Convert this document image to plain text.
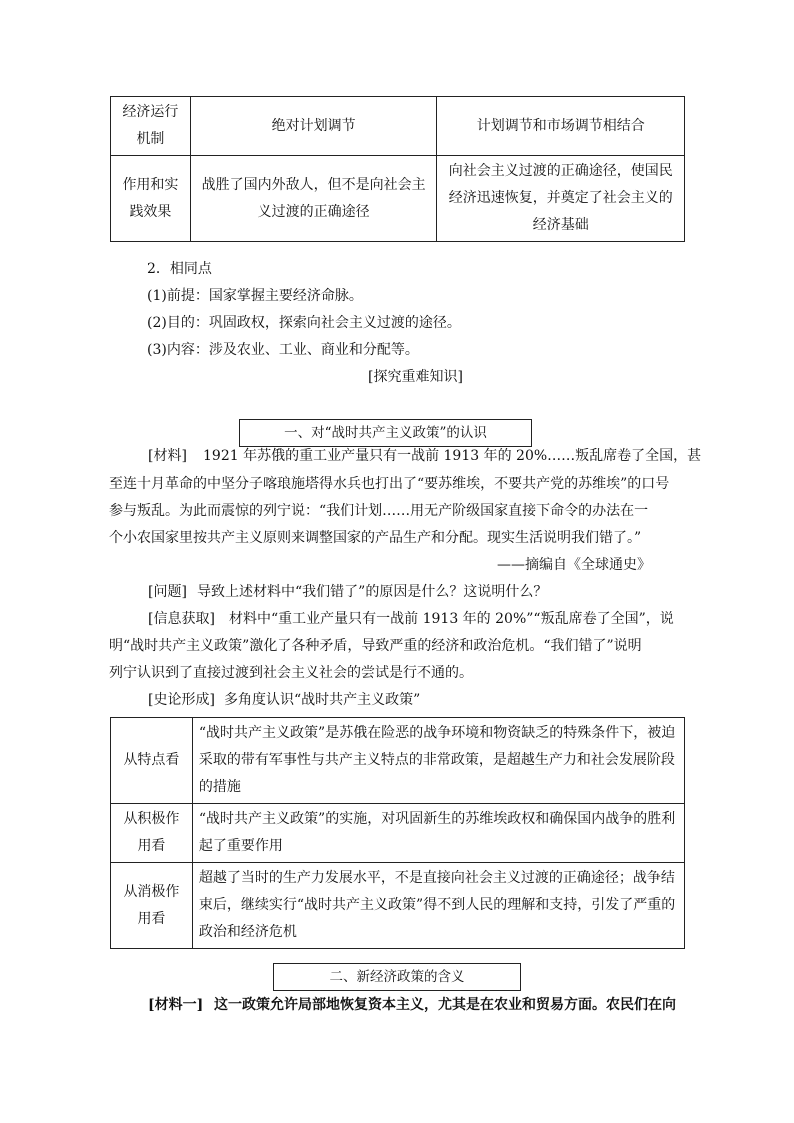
经济运行机制	绝对计划调节	计划调节和市场调节相结合
作用和实践效果	战胜了国内外敌人，但不是向社会主义过渡的正确途径	向社会主义过渡的正确途径，使国民经济迅速恢复，并奠定了社会主义的经济基础
2．相同点
(1)前提：国家掌握主要经济命脉。
(2)目的：巩固政权，探索向社会主义过渡的途径。
(3)内容：涉及农业、工业、商业和分配等。
[探究重难知识]
一、对“战时共产主义政策”的认识
[材料] 1921 年苏俄的重工业产量只有一战前 1913 年的 20%……叛乱席卷了全国，甚
至连十月革命的中坚分子喀琅施塔得水兵也打出了“要苏维埃，不要共产党的苏维埃”的口号
参与叛乱。为此而震惊的列宁说：“我们计划……用无产阶级国家直接下命令的办法在一
个小农国家里按共产主义原则来调整国家的产品生产和分配。现实生活说明我们错了。”
——摘编自《全球通史》
[问题] 导致上述材料中“我们错了”的原因是什么？这说明什么？
[信息获取] 材料中“重工业产量只有一战前 1913 年的 20%”“叛乱席卷了全国”，说
明“战时共产主义政策”激化了各种矛盾，导致严重的经济和政治危机。“我们错了”说明
列宁认识到了直接过渡到社会主义社会的尝试是行不通的。
[史论形成] 多角度认识“战时共产主义政策”
从特点看	“战时共产主义政策”是苏俄在险恶的战争环境和物资缺乏的特殊条件下，被迫采取的带有军事性与共产主义特点的非常政策，是超越生产力和社会发展阶段的措施
从积极作用看	“战时共产主义政策”的实施，对巩固新生的苏维埃政权和确保国内战争的胜利起了重要作用
从消极作用看	超越了当时的生产力发展水平，不是直接向社会主义过渡的正确途径；战争结束后，继续实行“战时共产主义政策”得不到人民的理解和支持，引发了严重的政治和经济危机
二、新经济政策的含义
[材料一] 这一政策允许局部地恢复资本主义，尤其是在农业和贸易方面。农民们在向
